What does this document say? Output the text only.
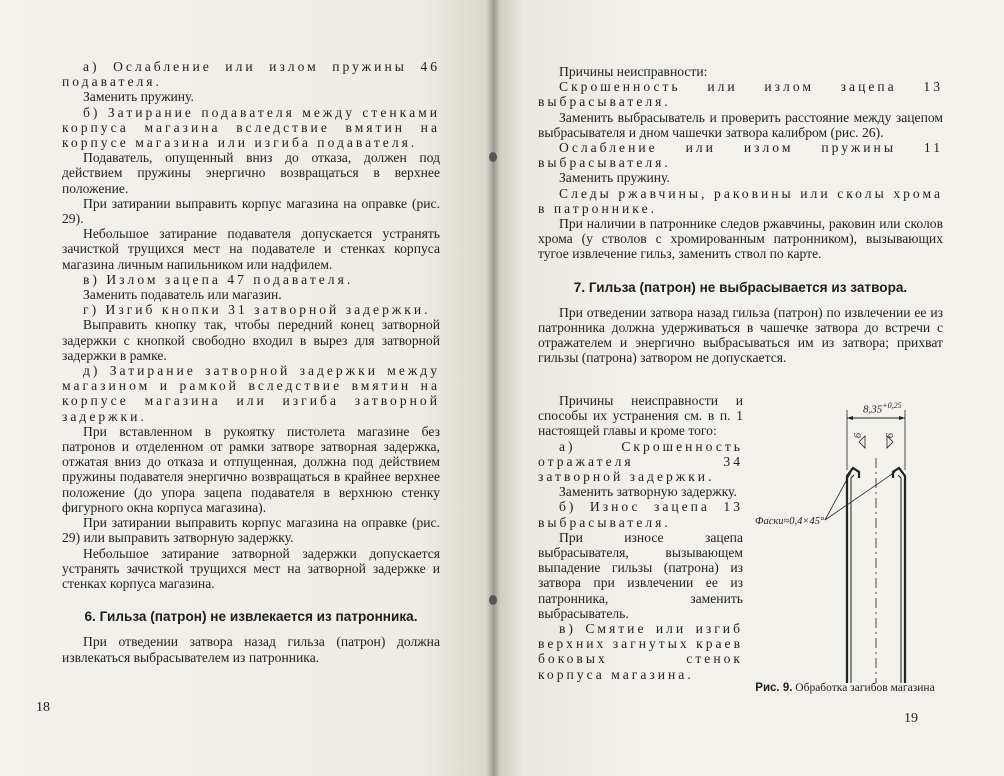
а) Ослабление или излом пружины 46 подавателя.

Заменить пружину.

б) Затирание подавателя между стенками корпуса магазина вследствие вмятин на корпусе магазина или изгиба подавателя.

Подаватель, опущенный вниз до отказа, должен под действием пружины энергично возвращаться в верхнее положение.

При затирании выправить корпус магазина на оправке (рис. 29).

Небольшое затирание подавателя допускается устранять зачисткой трущихся мест на подавателе и стенках корпуса магазина личным напильником или надфилем.

в) Излом зацепа 47 подавателя.

Заменить подаватель или магазин.

г) Изгиб кнопки 31 затворной задержки.

Выправить кнопку так, чтобы передний конец затворной задержки с кнопкой свободно входил в вырез для затворной задержки в рамке.

д) Затирание затворной задержки между магазином и рамкой вследствие вмятин на корпусе магазина или изгиба затворной задержки.

При вставленном в рукоятку пистолета магазине без патронов и отделенном от рамки затворе затворная задержка, отжатая вниз до отказа и отпущенная, должна под действием пружины подавателя энергично возвращаться в крайнее верхнее положение (до упора зацепа подавателя в верхнюю стенку фигурного окна корпуса магазина).

При затирании выправить корпус магазина на оправке (рис. 29) или выправить затворную задержку.

Небольшое затирание затворной задержки допускается устранять зачисткой трущихся мест на затворной задержке и стенках корпуса магазина.

6. Гильза (патрон) не извлекается из патронника.

При отведении затвора назад гильза (патрон) должна извлекаться выбрасывателем из патронника.

18

Причины неисправности:

Скрошенность или излом зацепа 13 выбрасывателя.

Заменить выбрасыватель и проверить расстояние между зацепом выбрасывателя и дном чашечки затвора калибром (рис. 26).

Ослабление или излом пружины 11 выбрасывателя.

Заменить пружину.

Следы ржавчины, раковины или сколы хрома в патроннике.

При наличии в патроннике следов ржавчины, раковин или сколов хрома (у стволов с хромированным патронником), вызывающих тугое извлечение гильз, заменить ствол по карте.

7. Гильза (патрон) не выбрасывается из затвора.

При отведении затвора назад гильза (патрон) по извлечении ее из патронника должна удерживаться в чашечке затвора до встречи с отражателем и энергично выбрасываться им из затвора; прихват гильзы (патрона) затвором не допускается.

Причины неисправности и способы их устранения см. в п. 1 настоящей главы и кроме того:

а) Скрошенность отражателя 34 затворной задержки.

Заменить затворную задержку.

б) Износ зацепа 13 выбрасывателя.

При износе зацепа выбрасывателя, вызывающем выпадение гильзы (патрона) из затвора при извлечении ее из патронника, заменить выбрасыватель.

в) Смятие или изгиб верхних загнутых краев боковых стенок корпуса магазина.

$8,35^{+0,25}$
6 6
Фаски≈0,4×45°
Рис. 9. Обработка загибов магазина
19
